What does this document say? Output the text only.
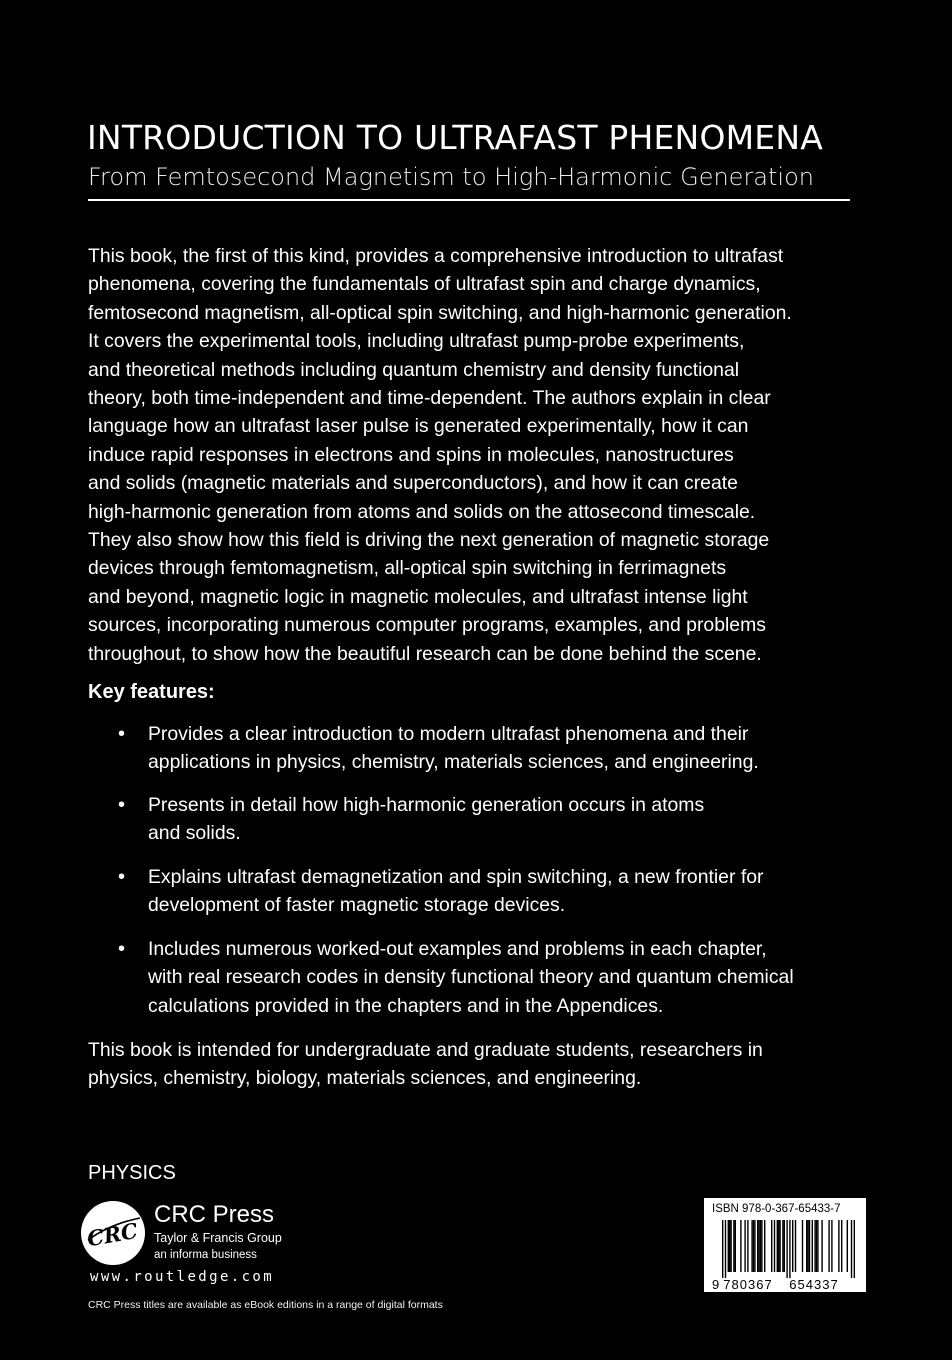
INTRODUCTION TO ULTRAFAST PHENOMENA
From Femtosecond Magnetism to High-Harmonic Generation
This book, the first of this kind, provides a comprehensive introduction to ultrafast
phenomena, covering the fundamentals of ultrafast spin and charge dynamics,
femtosecond magnetism, all-optical spin switching, and high-harmonic generation.
It covers the experimental tools, including ultrafast pump-probe experiments,
and theoretical methods including quantum chemistry and density functional
theory, both time-independent and time-dependent. The authors explain in clear
language how an ultrafast laser pulse is generated experimentally, how it can
induce rapid responses in electrons and spins in molecules, nanostructures
and solids (magnetic materials and superconductors), and how it can create
high-harmonic generation from atoms and solids on the attosecond timescale.
They also show how this field is driving the next generation of magnetic storage
devices through femtomagnetism, all-optical spin switching in ferrimagnets
and beyond, magnetic logic in magnetic molecules, and ultrafast intense light
sources, incorporating numerous computer programs, examples, and problems
throughout, to show how the beautiful research can be done behind the scene.
Key features:
• Provides a clear introduction to modern ultrafast phenomena and their
applications in physics, chemistry, materials sciences, and engineering.
• Presents in detail how high-harmonic generation occurs in atoms
and solids.
• Explains ultrafast demagnetization and spin switching, a new frontier for
development of faster magnetic storage devices.
• Includes numerous worked-out examples and problems in each chapter,
with real research codes in density functional theory and quantum chemical
calculations provided in the chapters and in the Appendices.
This book is intended for undergraduate and graduate students, researchers in
physics, chemistry, biology, materials sciences, and engineering.
PHYSICS
CRC
CRC Press
Taylor & Francis Group
an informa business
www.routledge.com
CRC Press titles are available as eBook editions in a range of digital formats
ISBN 978-0-367-65433-7
9 780367 654337
